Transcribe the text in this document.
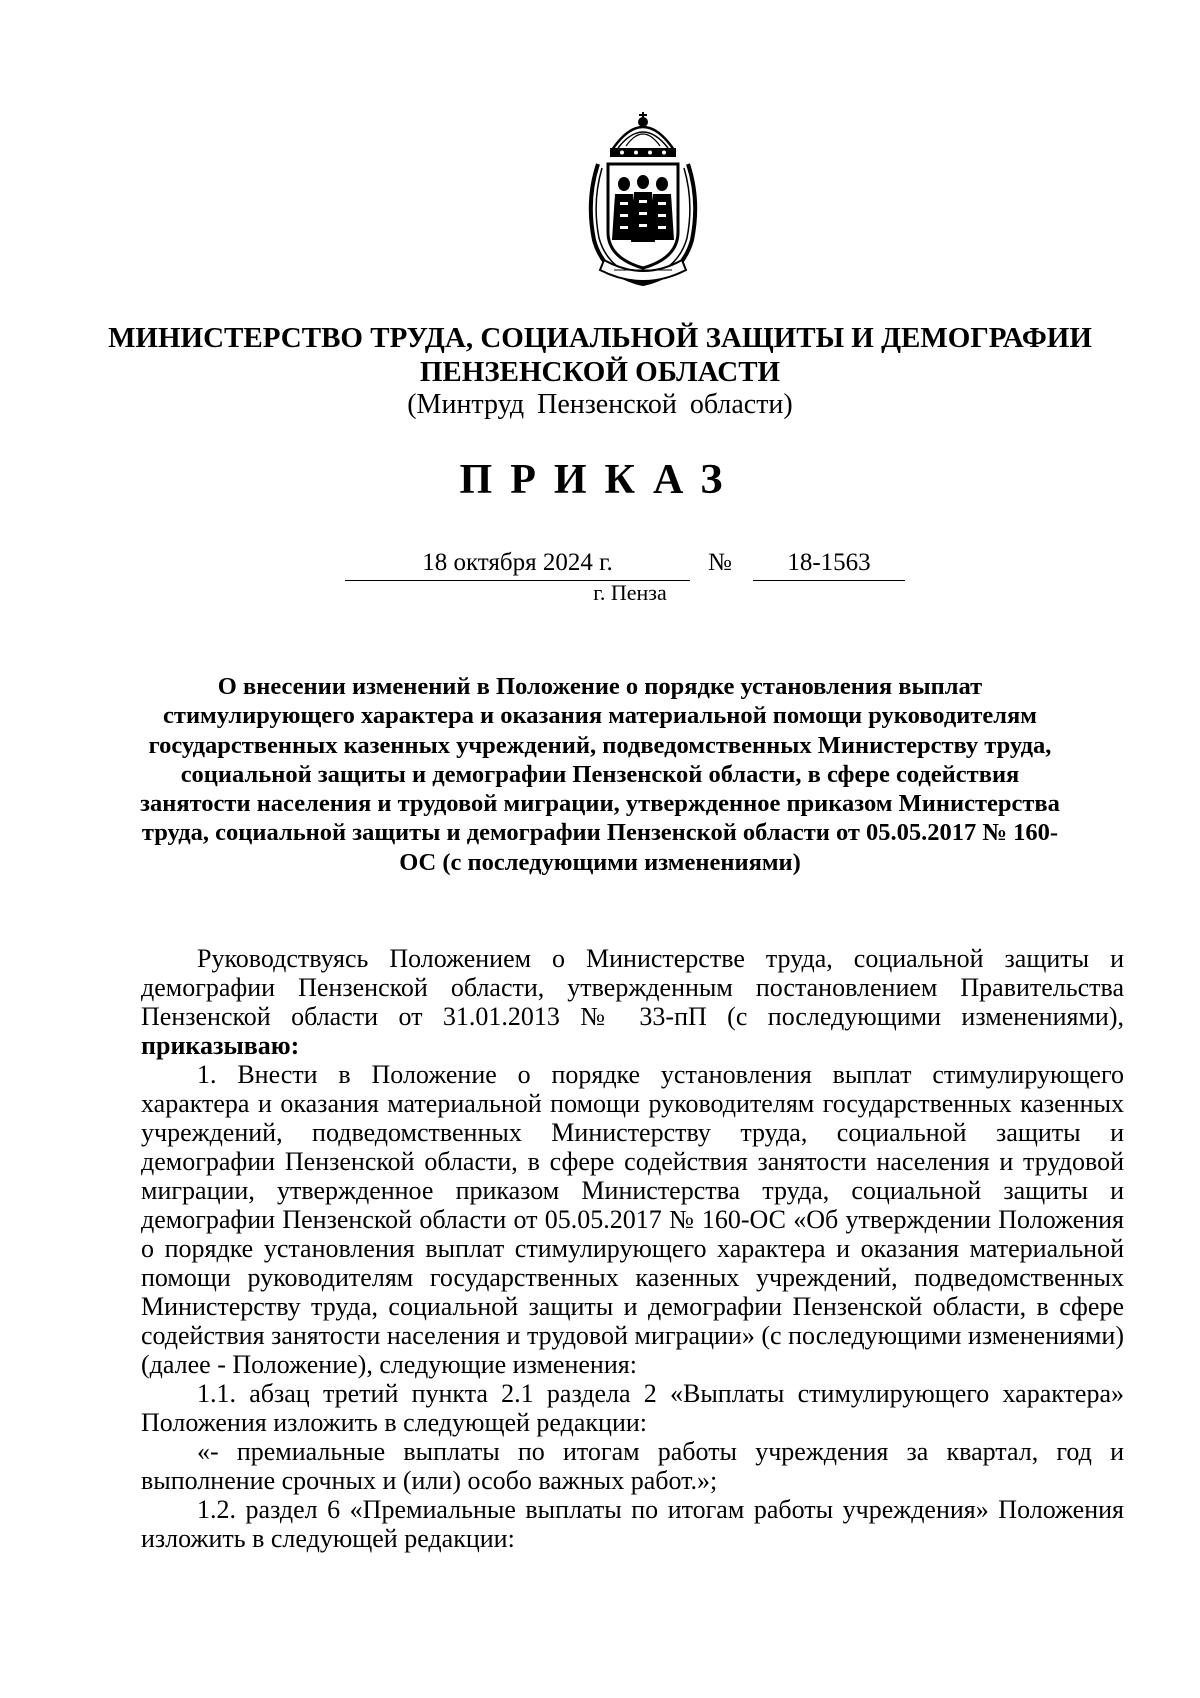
МИНИСТЕРСТВО ТРУДА, СОЦИАЛЬНОЙ ЗАЩИТЫ И ДЕМОГРАФИИ
ПЕНЗЕНСКОЙ ОБЛАСТИ
(Минтруд Пензенской области)
ПРИКАЗ
18 октября 2024 г.	№	18-1563
г. Пенза
О внесении изменений в Положение о порядке установления выплат стимулирующего характера и оказания материальной помощи руководителям государственных казенных учреждений, подведомственных Министерству труда, социальной защиты и демографии Пензенской области, в сфере содействия занятости населения и трудовой миграции, утвержденное приказом Министерства труда, социальной защиты и демографии Пензенской области от 05.05.2017 № 160-ОС (с последующими изменениями)

Руководствуясь Положением о Министерстве труда, социальной защиты и демографии Пензенской области, утвержденным постановлением Правительства Пензенской области от 31.01.2013 № 33-пП (с последующими изменениями), приказываю:

1. Внести в Положение о порядке установления выплат стимулирующего характера и оказания материальной помощи руководителям государственных казенных учреждений, подведомственных Министерству труда, социальной защиты и демографии Пензенской области, в сфере содействия занятости населения и трудовой миграции, утвержденное приказом Министерства труда, социальной защиты и демографии Пензенской области от 05.05.2017 № 160-ОС «Об утверждении Положения о порядке установления выплат стимулирующего характера и оказания материальной помощи руководителям государственных казенных учреждений, подведомственных Министерству труда, социальной защиты и демографии Пензенской области, в сфере содействия занятости населения и трудовой миграции» (с последующими изменениями) (далее - Положение), следующие изменения:

1.1. абзац третий пункта 2.1 раздела 2 «Выплаты стимулирующего характера» Положения изложить в следующей редакции:

«- премиальные выплаты по итогам работы учреждения за квартал, год и выполнение срочных и (или) особо важных работ.»;

1.2. раздел 6 «Премиальные выплаты по итогам работы учреждения» Положения изложить в следующей редакции:
